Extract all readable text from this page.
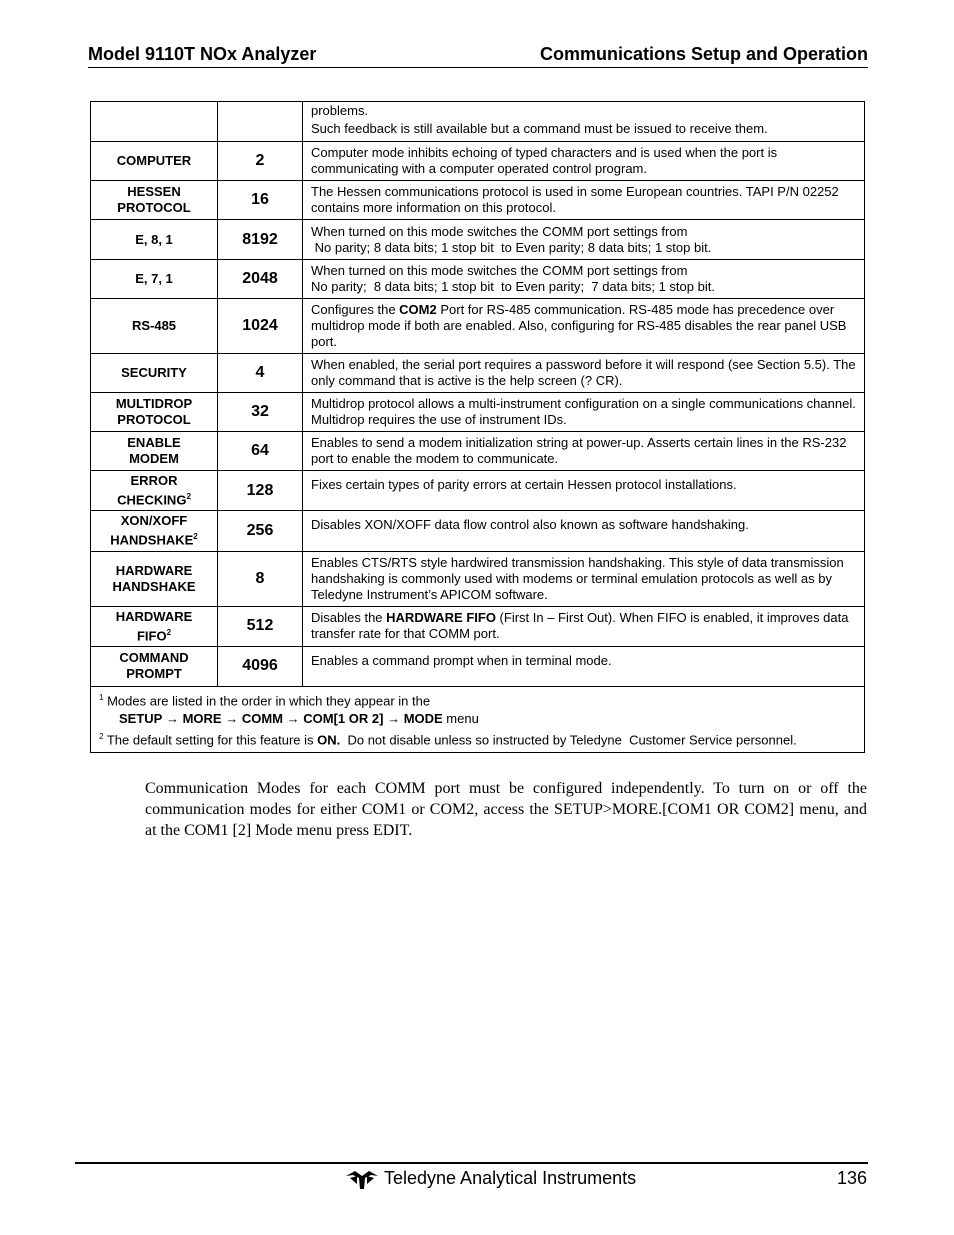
Model 9110T NOx Analyzer	Communications Setup and Operation

		problems.
Such feedback is still available but a command must be issued to receive them.

COMPUTER	2	Computer mode inhibits echoing of typed characters and is used when the port is communicating with a computer operated control program.
HESSEN PROTOCOL	16	The Hessen communications protocol is used in some European countries. TAPI P/N 02252 contains more information on this protocol.
E, 8, 1	8192	When turned on this mode switches the COMM port settings from
No parity; 8 data bits; 1 stop bit  to Even parity; 8 data bits; 1 stop bit.

E, 7, 1	2048	When turned on this mode switches the COMM port settings from
No parity;  8 data bits; 1 stop bit  to Even parity;  7 data bits; 1 stop bit.

RS-485	1024	Configures the COM2 Port for RS-485 communication. RS-485 mode has precedence over multidrop mode if both are enabled. Also, configuring for RS-485 disables the rear panel USB port.
SECURITY	4	When enabled, the serial port requires a password before it will respond (see Section 5.5). The only command that is active is the help screen (? CR).
MULTIDROP PROTOCOL	32	Multidrop protocol allows a multi-instrument configuration on a single communications channel. Multidrop requires the use of instrument IDs.
ENABLE MODEM	64	Enables to send a modem initialization string at power-up. Asserts certain lines in the RS-232 port to enable the modem to communicate.
ERROR CHECKING$^2$	128	Fixes certain types of parity errors at certain Hessen protocol installations.
XON/XOFF HANDSHAKE$^2$	256	Disables XON/XOFF data flow control also known as software handshaking.
HARDWARE HANDSHAKE	8	Enables CTS/RTS style hardwired transmission handshaking. This style of data transmission handshaking is commonly used with modems or terminal emulation protocols as well as by Teledyne Instrument’s APICOM software.
HARDWARE FIFO$^2$	512	Disables the HARDWARE FIFO (First In – First Out). When FIFO is enabled, it improves data transfer rate for that COMM port.
COMMAND PROMPT	4096	Enables a command prompt when in terminal mode.

$^1$ Modes are listed in the order in which they appear in the
SETUP → MORE → COMM → COM[1 OR 2] → MODE menu
$^2$ The default setting for this feature is ON.  Do not disable unless so instructed by Teledyne  Customer Service personnel.		
Communication Modes for each COMM port must be configured independently. To turn on or off the communication modes for either COM1 or COM2, access the SETUP>MORE.[COM1 OR COM2] menu, and at the COM1 [2] Mode menu press EDIT.
Teledyne Analytical Instruments	136
